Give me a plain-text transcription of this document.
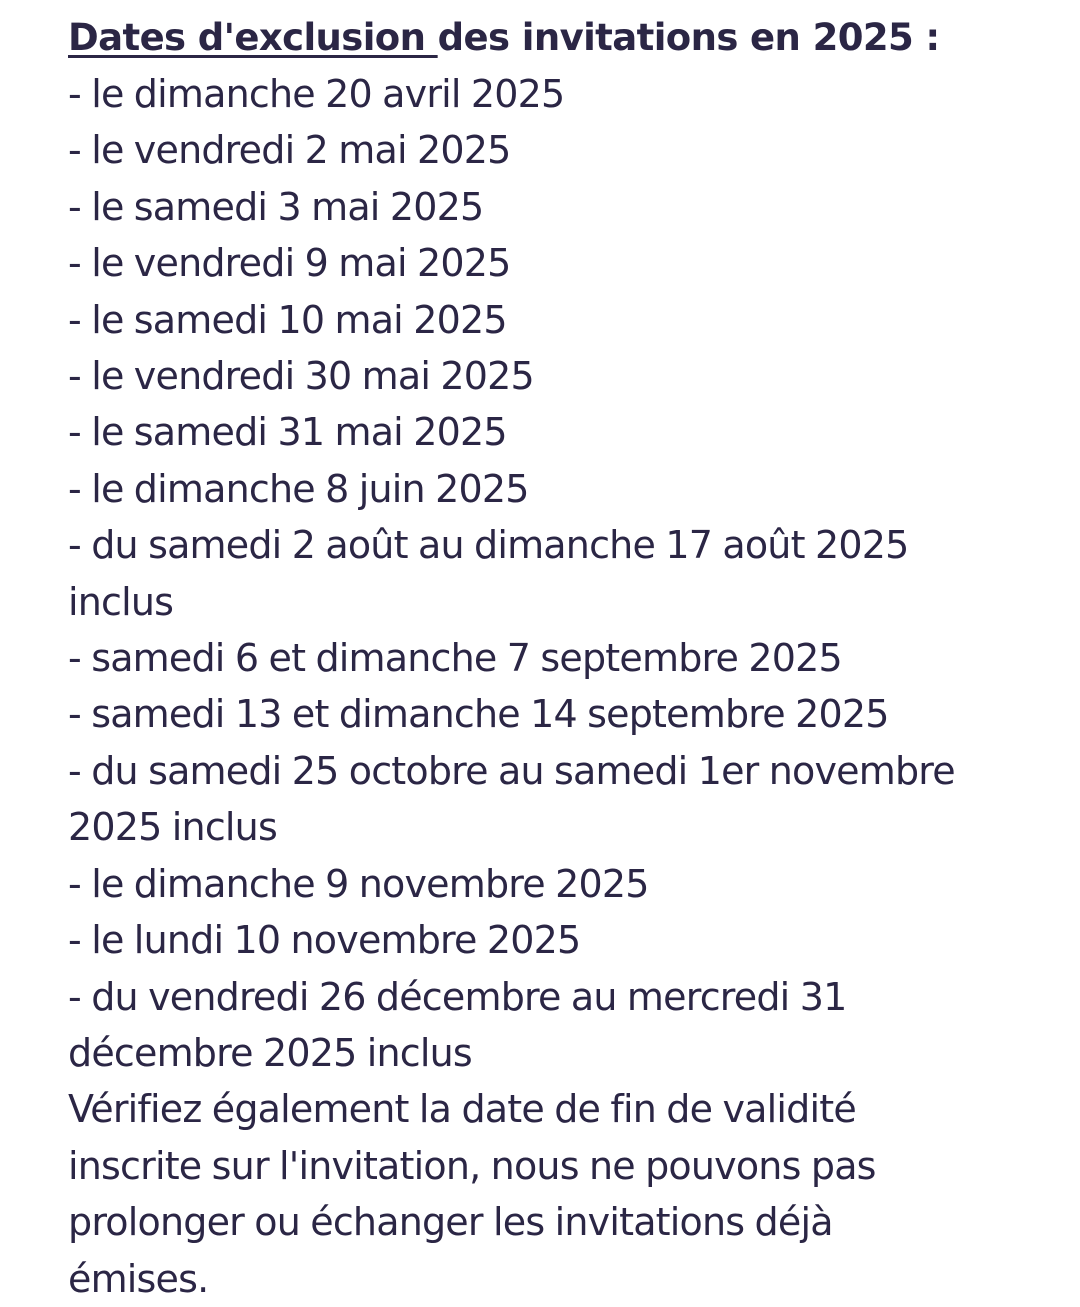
Dates d'exclusion des invitations en 2025 :
- le dimanche 20 avril 2025
- le vendredi 2 mai 2025
- le samedi 3 mai 2025
- le vendredi 9 mai 2025
- le samedi 10 mai 2025
- le vendredi 30 mai 2025
- le samedi 31 mai 2025
- le dimanche 8 juin 2025
- du samedi 2 août au dimanche 17 août 2025 inclus
- samedi 6 et dimanche 7 septembre 2025
- samedi 13 et dimanche 14 septembre 2025
- du samedi 25 octobre au samedi 1er novembre 2025 inclus
- le dimanche 9 novembre 2025
- le lundi 10 novembre 2025
- du vendredi 26 décembre au mercredi 31 décembre 2025 inclus

Vérifiez également la date de fin de validité inscrite sur l'invitation, nous ne pouvons pas prolonger ou échanger les invitations déjà émises.
